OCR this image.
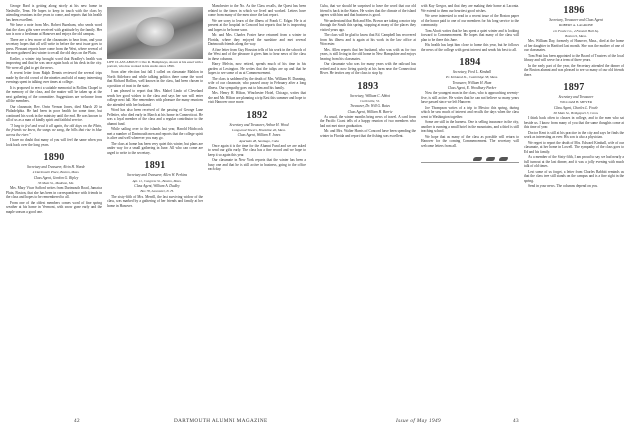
George Bard is getting along nicely at his new home in Nashville, Tenn. He hopes to keep in touch with the class by attending reunions in the years to come, and reports that his health has been excellent.

We have a note from Mrs. Robert Burnham, who sends word that the class gifts were received with gratitude by the family. Her son is now a freshman at Hanover and enjoys the old campus.

There are a few more of the classmates to hear from, and your secretary hopes that all will write in before the next issue goes to press. Pleasant reports have come from the West, where several of the men gathered last winter to recall the old days on the Plain.

Earlier, a winter trip brought word that Bradley's health was improving and that he was once again back at his desk in the city. We were all glad to get the news.

A recent letter from Ralph Dennis reviewed the several trips made by the old crowd of the nineties and told of many interesting evenings spent in talking over times at college.

It is proposed to erect a suitable memorial in Rollins Chapel to the memory of the class, and the matter will be taken up at the next gathering of the committee. Suggestions are welcome from all the members.

Our classmate, Rev. Orrin Vernon Jones, died March 20 in Philadelphia. He had been in poor health for some time, but continued his work in the ministry until the end. He was known to all of us as a man of kindly spirit and faithful service.

"I long to feel and read it all again, the old days on the Plain, the friends we knew, the songs we sang, the hills that rise in blue across the river."

I have no doubt that many of you will feel the same when you look back over the long years.

1890

Secretary and Treasurer, Alvin H. Warde

4 Dartmouth Place, Boston, Mass.

Class Agent, Gordon G. Ripley

36 Main St., Madison, Me.

Mrs. Mary Vicar Safford writes from Dartmouth Road, Jamaica Plain, Boston, that she has been in correspondence with friends in the class and hopes to be remembered to all.

From one of the oldest members comes word of fine spring weather at his home in Vermont, with snow gone early and the maple season a good one.

LIFE CLASS ABOUT: Clive R. Humphreys, shown at his easel with a portrait, who has worked in his studio since 1896.

Soon after election last fall I called on classmate Mahlon in North Attleboro and while talking politics there came the word that Richard Rollins, well known in the class, had been chosen to a position of trust in the state.

I am pleased to report that Mrs. Mabel Lindo of Cleveland sends her good wishes to the class and says her son will enter college next fall. She remembers with pleasure the many reunions she attended with her husband.

Word has also been received of the passing of George Lane Pelletier, who died early in March at his home in Connecticut. He was a loyal member of the class and a regular contributor to the alumni fund.

While sailing over to the islands last year, Harold Hitchcock met a number of Dartmouth men and reports that the college spirit is alive and well wherever you may go.

The class at home has been very quiet this winter, but plans are under way for a small gathering in June. All who can come are urged to write to the secretary.

1891

Secretary and Treasurer, Allen W. Perkins

Apt. 11, Congress St., Boston, Mass.

Class Agent, William A. Dudley

Box 78, Lancaster, N. H.

The sixty-fifth of Mrs. Merrill, the last surviving widow of the class, was marked by a gathering of her friends and family at her home in Hanover.

Manchester to the No. As the Class recalls, the Quest has been related to the times in which we lived and worked. Letters have come from many of the men since the last report.

We are sorry to learn of the illness of Frank C. Edgar. He is at present at the hospital in Concord but reports that he is improving and hopes to be home soon.

Mr. and Mrs. Charles Foster have returned from a winter in Florida, where they enjoyed the sunshine and met several Dartmouth friends along the way.

A fine letter from Guy Houston tells of his work in the schools of the West and of the pleasure it gives him to hear news of the class in these columns.

Harry Melvin, now retired, spends much of his time in his garden at Lexington. He writes that the tulips are up and that he hopes to see some of us at Commencement.

The class is saddened by the death of Mrs. William H. Dunning, wife of our classmate, who passed away in February after a long illness. Our sympathy goes out to him and his family.

Mrs. Henry H. Hilton, Winchester Hotel, Chicago, writes that she and Mr. Hilton are planning a trip East this summer and hope to visit Hanover once more.

1892

Secretary and Treasurer, Arthur H. Wood

Longwood Towers, Brookline 46, Mass.

Class Agent, William F. Jones

Apartado 48, Santiago, Cuba

Once again it is the time for the Alumni Fund and we are asked to send our gifts early. The class has a fine record and we hope to keep it so again this year.

Our classmate in New York reports that the winter has been a busy one and that he is still active in business, going to the office each day.

42	DARTMOUTH ALUMNI MAGAZINE

Cuba, that we should be surprised to have the word that our old friend is back in the States. He writes that the climate of the island agrees with him and that business is good.

We understand that Bob and Mrs. Brown are taking a motor trip through the South this spring, stopping at many of the places they visited years ago.

The class will be glad to know that Ed. Campbell has recovered from his illness and is again at his work in the law office at Worcester.

Mrs. Allen reports that her husband, who was with us for two years, is still living in the old home in New Hampshire and enjoys hearing from his classmates.

Our classmate who was for many years with the railroad has retired and is now living quietly at his farm near the Connecticut River. He invites any of the class to stop by.

1893

Secretary, William C. Abbot

Curtisville, Vt.

Treasurer, Dr. Will G. Bates

Class Agent, William H. Barrie

As usual, the winter months bring news of travel. A card from the Pacific Coast tells of a happy reunion of two members who had not met since graduation.

Mr. and Mrs. Walter Harris of Concord have been spending the winter in Florida and report that the fishing was excellent.

with Kay Gregor, and that they are making their home at Laconia. We extend to them our heartiest good wishes.

We were interested to read in a recent issue of the Boston paper of the honor paid to one of our members for his long service to the community.

Tom Alcott writes that he has spent a quiet winter and is looking forward to Commencement. He hopes that many of the class will plan to be there this June.

His health has kept him close to home this year, but he follows the news of the college with great interest and sends his best to all.

1894

Secretary, Fred L. Kimball

Pr. Kirkland St., Cambridge 38, Mass.

Treasurer, William H. Ham

Class Agent, E. Woodbury Parker

Now the youngest man in the class, who is approaching seventy-five, is still active. He writes that he can not believe so many years have passed since we left Hanover.

Joe Thompson writes of a trip to Mexico this spring, during which he saw much of interest and recalls the days when the class went to Washington together.

Some are still in the harness. One is selling insurance in the city, another is running a small hotel in the mountains, and a third is still teaching school.

We hope that as many of the class as possible will return to Hanover for the coming Commencement. The secretary will welcome letters from all.

1896

Secretary, Treasurer and Class Agent

ROBERT A. LAGRONE

c/o Fowle Co., 4 Faneuil Hall Sq.

Boston 9, Mass.

Mrs. William Day, formerly of Hanover, Mass., died at the home of her daughter in Hartford last month. She was the mother of one of our classmates.

Tom Pratt has been appointed to the Board of Trustees of the local library and will serve for a term of three years.

In the early part of the year, the Secretary attended the dinner of the Boston alumni and was pleased to see so many of our old friends there.

1897

Secretary and Treasurer

WILLIAM H. MEYER

Class Agent, Charles L. Fowle

60 Main St., Bridgeport 3, Conn.

I think back often to classes in college, and to the men who sat beside us. I know from many of you that the same thoughts come at this time of year.

Doctor Kent is still at his practice in the city and says he finds the work as interesting as ever. His son is also a physician.

We regret to report the death of Mrs. Edward Kimball, wife of our classmate, at her home in Lowell. The sympathy of the class goes to Ed and his family.

As a member of the Sixty-fifth, I am proud to say we had nearly a full turnout at the last dinner, and it was a jolly evening with much talk of old times.

Lest some of us forget, a letter from Charles Babbitt reminds us that the class tree still stands on the campus and is a fine sight in the spring.

Send in your news. The columns depend on you.

Issue of May 1949	43
